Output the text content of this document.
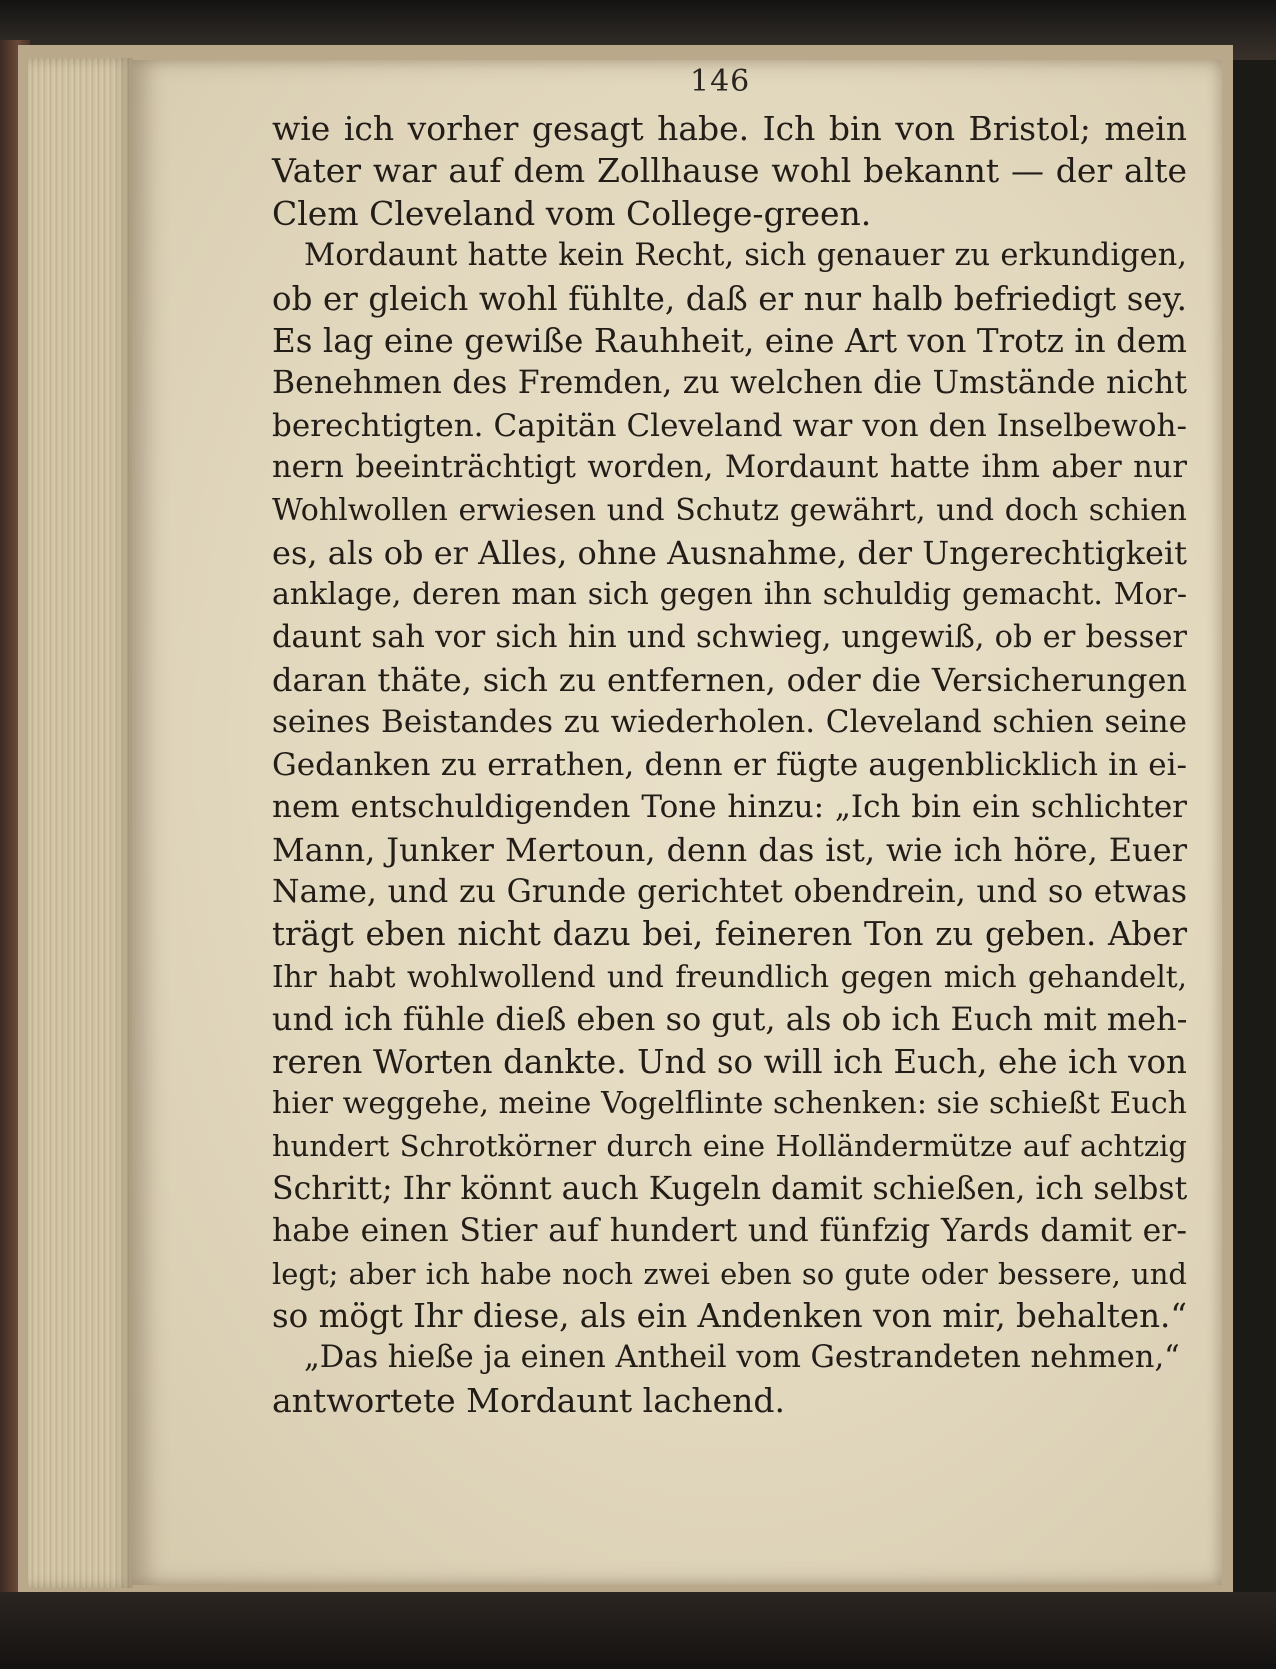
146
wie ich vorher gesagt habe. Ich bin von Bristol; mein
Vater war auf dem Zollhause wohl bekannt — der alte
Clem Cleveland vom College-green.
Mordaunt hatte kein Recht, sich genauer zu erkundigen,
ob er gleich wohl fühlte, daß er nur halb befriedigt sey.
Es lag eine gewiße Rauhheit, eine Art von Trotz in dem
Benehmen des Fremden, zu welchen die Umstände nicht
berechtigten. Capitän Cleveland war von den Inselbewoh-
nern beeinträchtigt worden, Mordaunt hatte ihm aber nur
Wohlwollen erwiesen und Schutz gewährt, und doch schien
es, als ob er Alles, ohne Ausnahme, der Ungerechtigkeit
anklage, deren man sich gegen ihn schuldig gemacht. Mor-
daunt sah vor sich hin und schwieg, ungewiß, ob er besser
daran thäte, sich zu entfernen, oder die Versicherungen
seines Beistandes zu wiederholen. Cleveland schien seine
Gedanken zu errathen, denn er fügte augenblicklich in ei-
nem entschuldigenden Tone hinzu: „Ich bin ein schlichter
Mann, Junker Mertoun, denn das ist, wie ich höre, Euer
Name, und zu Grunde gerichtet obendrein, und so etwas
trägt eben nicht dazu bei, feineren Ton zu geben. Aber
Ihr habt wohlwollend und freundlich gegen mich gehandelt,
und ich fühle dieß eben so gut, als ob ich Euch mit meh-
reren Worten dankte. Und so will ich Euch, ehe ich von
hier weggehe, meine Vogelflinte schenken: sie schießt Euch
hundert Schrotkörner durch eine Holländermütze auf achtzig
Schritt; Ihr könnt auch Kugeln damit schießen, ich selbst
habe einen Stier auf hundert und fünfzig Yards damit er-
legt; aber ich habe noch zwei eben so gute oder bessere, und
so mögt Ihr diese, als ein Andenken von mir, behalten.“
„Das hieße ja einen Antheil vom Gestrandeten nehmen,“
antwortete Mordaunt lachend.
